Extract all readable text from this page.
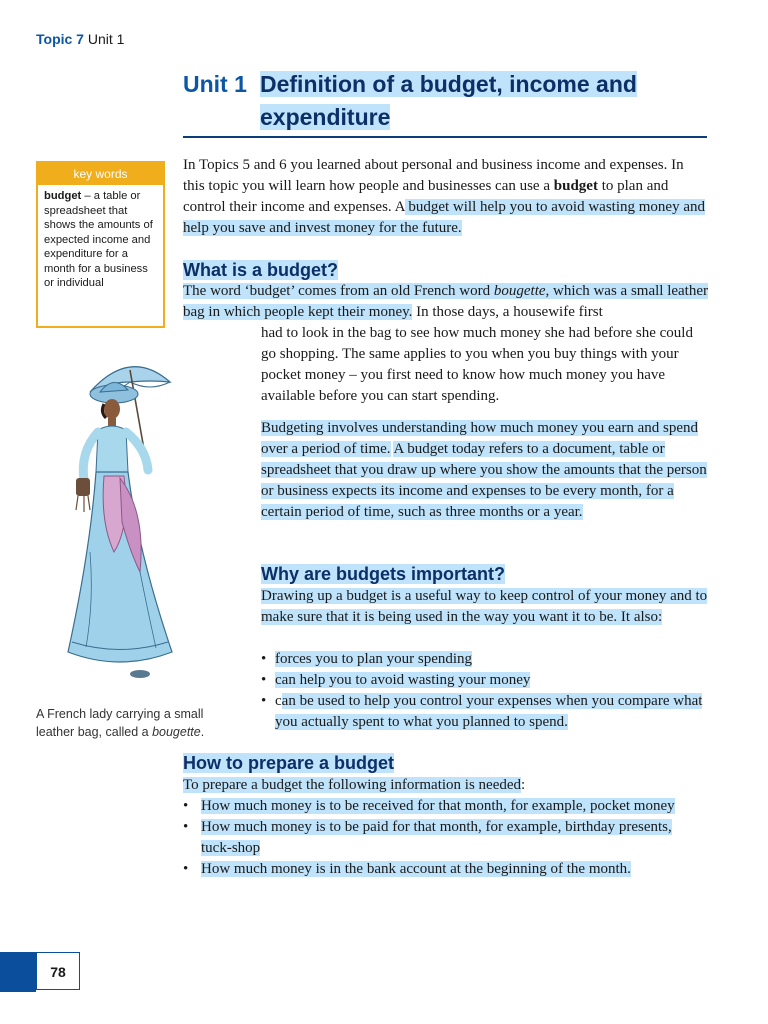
Topic 7 Unit 1
Unit 1 Definition of a budget, income and expenditure
key words
budget – a table or spreadsheet that shows the amounts of expected income and expenditure for a month for a business or individual

In Topics 5 and 6 you learned about personal and business income and expenses. In this topic you will learn how people and businesses can use a budget to plan and control their income and expenses. A budget will help you to avoid wasting money and help you save and invest money for the future.

What is a budget?

The word ‘budget’ comes from an old French word bougette, which was a small leather bag in which people kept their money. In those days, a housewife first

had to look in the bag to see how much money she had before she could go shopping. The same applies to you when you buy things with your pocket money – you first need to know how much money you have available before you can start spending.

Budgeting involves understanding how much money you earn and spend over a period of time. A budget today refers to a document, table or spreadsheet that you draw up where you show the amounts that the person or business expects its income and expenses to be every month, for a certain period of time, such as three months or a year.

Why are budgets important?

Drawing up a budget is a useful way to keep control of your money and to make sure that it is being used in the way you want it to be. It also:

• forces you to plan your spending
• can help you to avoid wasting your money
• can be used to help you control your expenses when you compare what you actually spent to what you planned to spend.
A French lady carrying a small leather bag, called a bougette.
How to prepare a budget

To prepare a budget the following information is needed:

• How much money is to be received for that month, for example, pocket money
• How much money is to be paid for that month, for example, birthday presents, tuck-shop
• How much money is in the bank account at the beginning of the month.
78
